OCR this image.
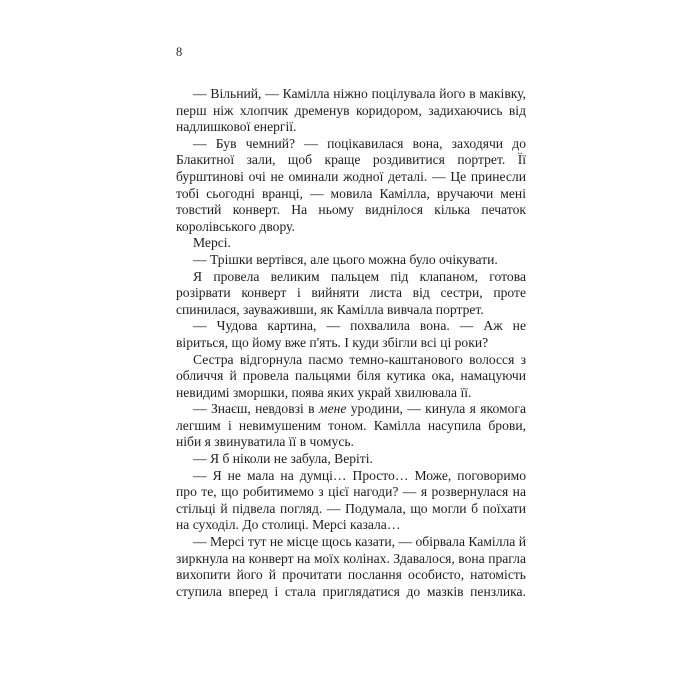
8

— Вільний, — Камілла ніжно поцілувала його в маківку, перш ніж хлопчик дременув коридором, задихаючись від надлишкової енергії.

— Був чемний? — поцікавилася вона, заходячи до Блакитної зали, щоб краще роздивитися портрет. Її бурштинові очі не оминали жодної деталі. — Це принесли тобі сьогодні вранці, — мовила Камілла, вручаючи мені товстий конверт. На ньому виднілося кілька печаток королівського двору.

Мерсі.

— Трішки вертівся, але цього можна було очікувати.

Я провела великим пальцем під клапаном, готова розірвати конверт і вийняти листа від сестри, проте спинилася, зауваживши, як Камілла вивчала портрет.

— Чудова картина, — похвалила вона. — Аж не віриться, що йому вже п'ять. І куди збігли всі ці роки?

Сестра відгорнула пасмо темно-каштанового волосся з обличчя й провела пальцями біля кутика ока, намацуючи невидимі зморшки, поява яких украй хвилювала її.

— Знаєш, невдовзі в мене уродини, — кинула я якомога легшим і невимушеним тоном. Камілла насупила брови, ніби я звинуватила її в чомусь.

— Я б ніколи не забула, Веріті.

— Я не мала на думці… Просто… Може, поговоримо про те, що робитимемо з цієї нагоди? — я розвернулася на стільці й підвела погляд. — Подумала, що могли б поїхати на суходіл. До столиці. Мерсі казала…

— Мерсі тут не місце щось казати, — обірвала Камілла й зиркнула на конверт на моїх колінах. Здавалося, вона прагла вихопити його й прочитати послання особисто, натомість ступила вперед і стала приглядатися до мазків пензлика.
